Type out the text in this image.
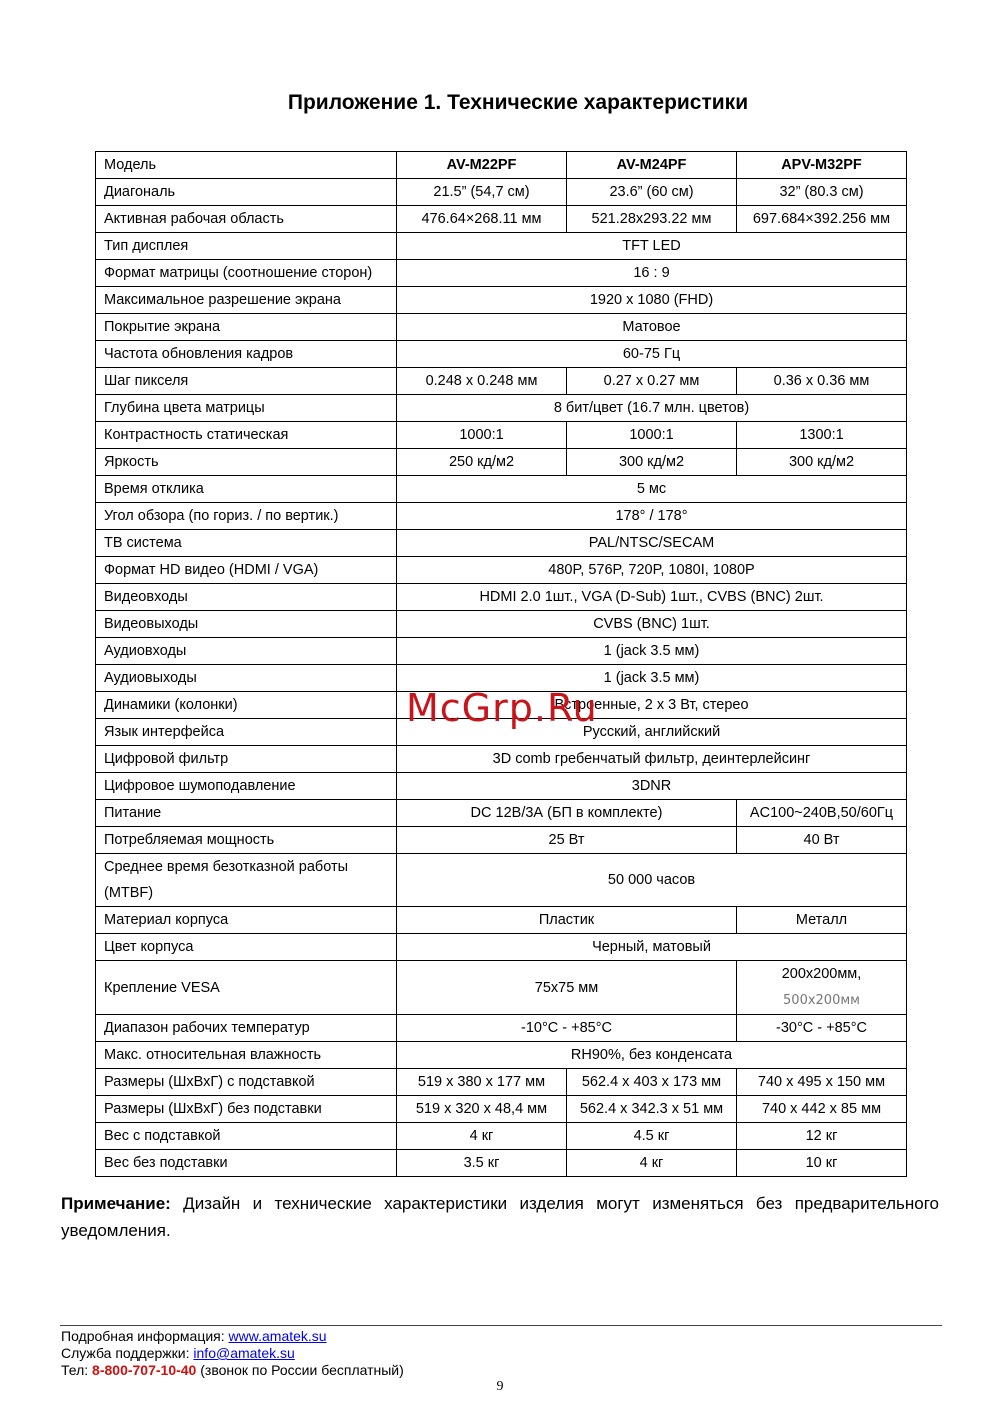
Приложение 1. Технические характеристики
Модель	AV-M22PF	AV-M24PF	APV-M32PF
Диагональ	21.5” (54,7 см)	23.6” (60 см)	32” (80.3 см)
Активная рабочая область	476.64×268.11 мм	521.28x293.22 мм	697.684×392.256 мм
Тип дисплея	TFT LED		
Формат матрицы (соотношение сторон)	16 : 9		
Максимальное разрешение экрана	1920 x 1080 (FHD)		
Покрытие экрана	Матовое		
Частота обновления кадров	60-75 Гц		
Шаг пикселя	0.248 x 0.248 мм	0.27 x 0.27 мм	0.36 x 0.36 мм
Глубина цвета матрицы	8 бит/цвет (16.7 млн. цветов)		
Контрастность статическая	1000:1	1000:1	1300:1
Яркость	250 кд/м2	300 кд/м2	300 кд/м2
Время отклика	5 мс		
Угол обзора (по гориз. / по вертик.)	178° / 178°		
ТВ система	PAL/NTSC/SECAM		
Формат HD видео (HDMI / VGA)	480P, 576P, 720P, 1080I, 1080P		
Видеовходы	HDMI 2.0 1шт., VGA (D-Sub) 1шт., CVBS (BNC) 2шт.		
Видеовыходы	CVBS (BNC) 1шт.		
Аудиовходы	1 (jack 3.5 мм)		
Аудиовыходы	1 (jack 3.5 мм)		
Динамики (колонки)	Встроенные, 2 x 3 Вт, стерео		
Язык интерфейса	Русский, английский		
Цифровой фильтр	3D comb гребенчатый фильтр, деинтерлейсинг		
Цифровое шумоподавление	3DNR		
Питание	DC 12В/3А (БП в комплекте)		AC100~240В,50/60Гц
Потребляемая мощность	25 Вт		40 Вт
Среднее время безотказной работы
(MTBF)	50 000 часов		
Материал корпуса	Пластик		Металл
Цвет корпуса	Черный, матовый		
Крепление VESA	75x75 мм		200x200мм,
500x200мм
Диапазон рабочих температур	-10°C - +85°C		-30°C - +85°C
Макс. относительная влажность	RH90%, без конденсата		
Размеры (ШхВхГ) с подставкой	519 x 380 x 177 мм	562.4 x 403 x 173 мм	740 x 495 x 150 мм
Размеры (ШхВхГ) без подставки	519 x 320 x 48,4 мм	562.4 x 342.3 x 51 мм	740 x 442 x 85 мм
Вес с подставкой	4 кг	4.5 кг	12 кг
Вес без подставки	3.5 кг	4 кг	10 кг
McGrp.Ru

Примечание: Дизайн и технические характеристики изделия могут изменяться без предварительного уведомления.

Подробная информация: www.amatek.su
Служба поддержки: info@amatek.su
Тел: 8-800-707-10-40 (звонок по России бесплатный)
9
